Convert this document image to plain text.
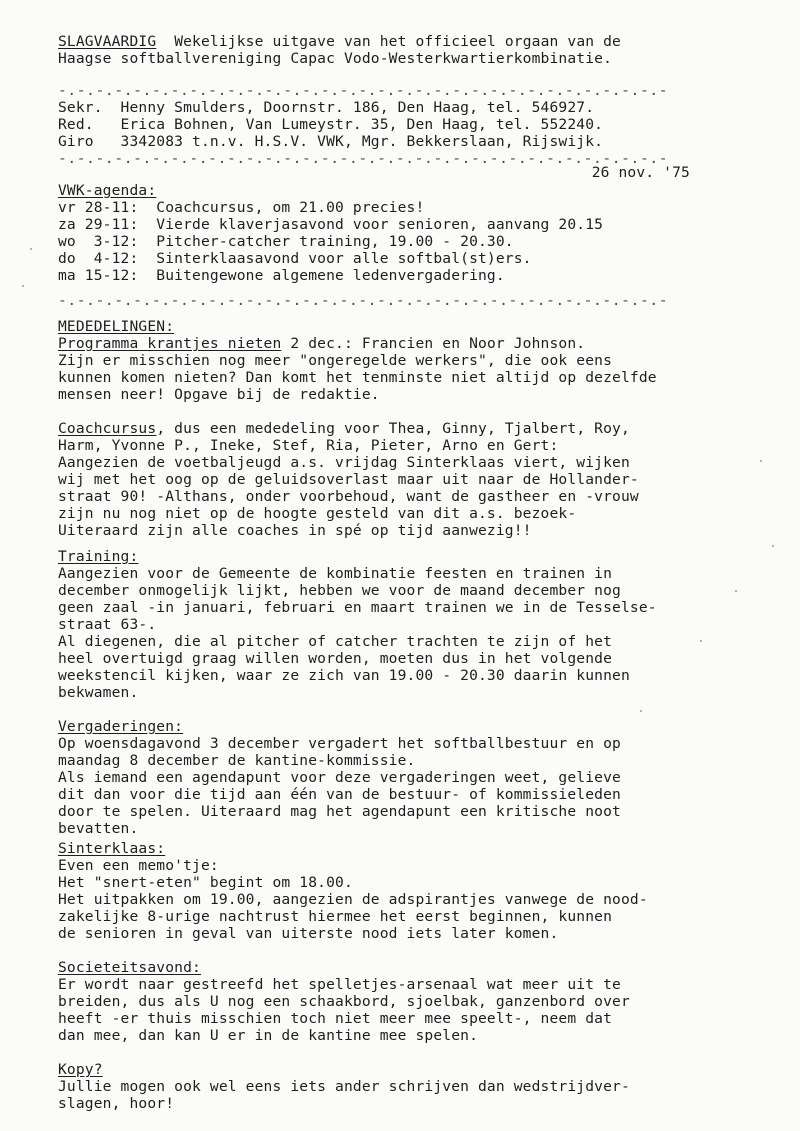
SLAGVAARDIG Wekelijkse uitgave van het officieel orgaan van de
Haagse softballvereniging Capac Vodo-Westerkwartierkombinatie.
-.-.-.-.-.-.-.-.-.-.-.-.-.-.-.-.-.-.-.-.-.-.-.-.-.-.-.-.-.-.-.-.-
Sekr.  Henny Smulders, Doornstr. 186, Den Haag, tel. 546927.
Red.   Erica Bohnen, Van Lumeystr. 35, Den Haag, tel. 552240.
Giro   3342083 t.n.v. H.S.V. VWK, Mgr. Bekkerslaan, Rijswijk.
-.-.-.-.-.-.-.-.-.-.-.-.-.-.-.-.-.-.-.-.-.-.-.-.-.-.-.-.-.-.-.-.-
26 nov. '75
VWK-agenda:
vr 28-11:  Coachcursus, om 21.00 precies!
za 29-11:  Vierde klaverjasavond voor senioren, aanvang 20.15
wo  3-12:  Pitcher-catcher training, 19.00 - 20.30.
do  4-12:  Sinterklaasavond voor alle softbal(st)ers.
ma 15-12:  Buitengewone algemene ledenvergadering.
-.-.-.-.-.-.-.-.-.-.-.-.-.-.-.-.-.-.-.-.-.-.-.-.-.-.-.-.-.-.-.-.-
MEDEDELINGEN:
Programma krantjes nieten 2 dec.: Francien en Noor Johnson.
Zijn er misschien nog meer "ongeregelde werkers", die ook eens
kunnen komen nieten? Dan komt het tenminste niet altijd op dezelfde
mensen neer! Opgave bij de redaktie.
Coachcursus, dus een mededeling voor Thea, Ginny, Tjalbert, Roy,
Harm, Yvonne P., Ineke, Stef, Ria, Pieter, Arno en Gert:
Aangezien de voetbaljeugd a.s. vrijdag Sinterklaas viert, wijken
wij met het oog op de geluidsoverlast maar uit naar de Hollander-
straat 90! -Althans, onder voorbehoud, want de gastheer en -vrouw
zijn nu nog niet op de hoogte gesteld van dit a.s. bezoek-
Uiteraard zijn alle coaches in spé op tijd aanwezig!!
Training:
Aangezien voor de Gemeente de kombinatie feesten en trainen in
december onmogelijk lijkt, hebben we voor de maand december nog
geen zaal -in januari, februari en maart trainen we in de Tesselse-
straat 63-.
Al diegenen, die al pitcher of catcher trachten te zijn of het
heel overtuigd graag willen worden, moeten dus in het volgende
weekstencil kijken, waar ze zich van 19.00 - 20.30 daarin kunnen
bekwamen.
Vergaderingen:
Op woensdagavond 3 december vergadert het softballbestuur en op
maandag 8 december de kantine-kommissie.
Als iemand een agendapunt voor deze vergaderingen weet, gelieve
dit dan voor die tijd aan één van de bestuur- of kommissieleden
door te spelen. Uiteraard mag het agendapunt een kritische noot
bevatten.
Sinterklaas:
Even een memo'tje:
Het "snert-eten" begint om 18.00.
Het uitpakken om 19.00, aangezien de adspirantjes vanwege de nood-
zakelijke 8-urige nachtrust hiermee het eerst beginnen, kunnen
de senioren in geval van uiterste nood iets later komen.
Societeitsavond:
Er wordt naar gestreefd het spelletjes-arsenaal wat meer uit te
breiden, dus als U nog een schaakbord, sjoelbak, ganzenbord over
heeft -er thuis misschien toch niet meer mee speelt-, neem dat
dan mee, dan kan U er in de kantine mee spelen.
Kopy?
Jullie mogen ook wel eens iets ander schrijven dan wedstrijdver-
slagen, hoor!
